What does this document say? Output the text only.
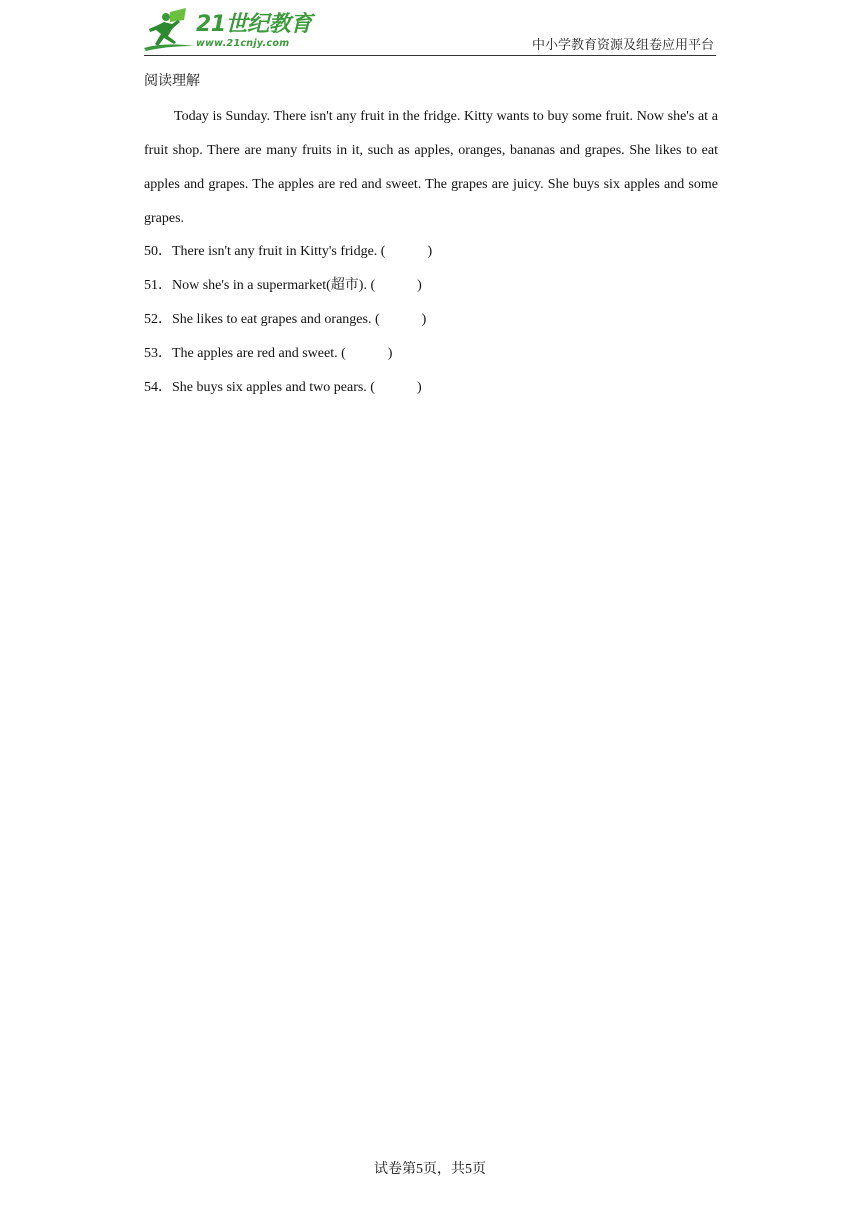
21世纪教育
www.21cnjy.com	中小学教育资源及组卷应用平台
阅读理解

Today is Sunday. There isn't any fruit in the fridge. Kitty wants to buy some fruit. Now she's at a fruit shop. There are many fruits in it, such as apples, oranges, bananas and grapes. She likes to eat apples and grapes. The apples are red and sweet. The grapes are juicy. She buys six apples and some grapes.

50．There isn't any fruit in Kitty's fridge. (	)
51．Now she's in a supermarket(超市). (	)
52．She likes to eat grapes and oranges. (	)
53．The apples are red and sweet. (	)
54．She buys six apples and two pears. (	)
试卷第5页，共5页
